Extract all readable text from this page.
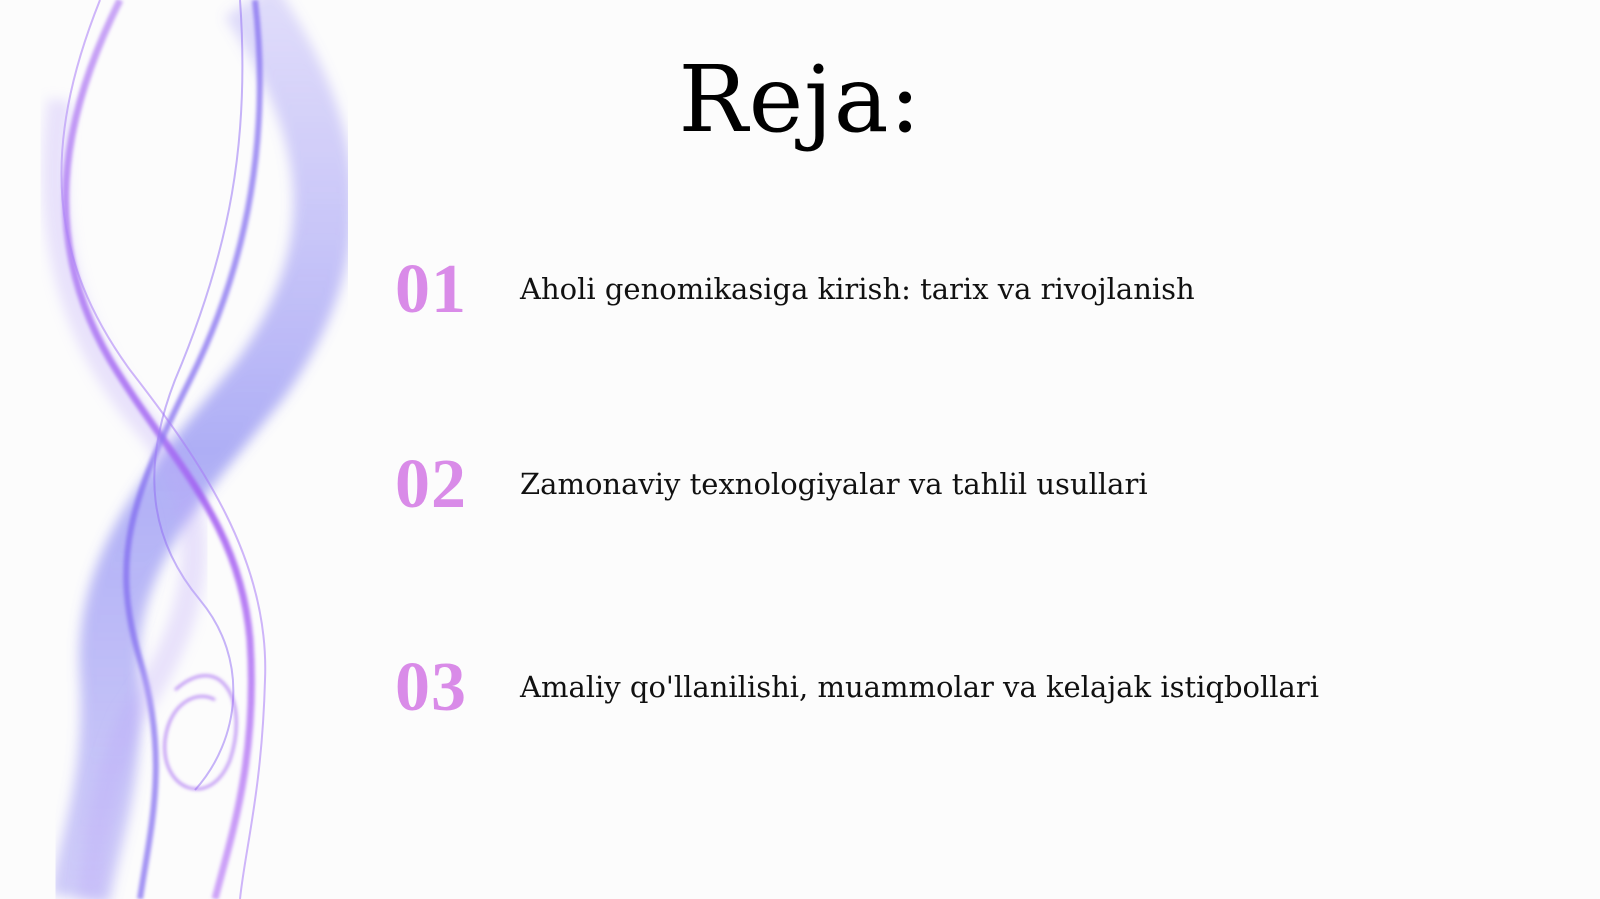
Reja:
01 Aholi genomikasiga kirish: tarix va rivojlanish
02 Zamonaviy texnologiyalar va tahlil usullari
03 Amaliy qo'llanilishi, muammolar va kelajak istiqbollari
